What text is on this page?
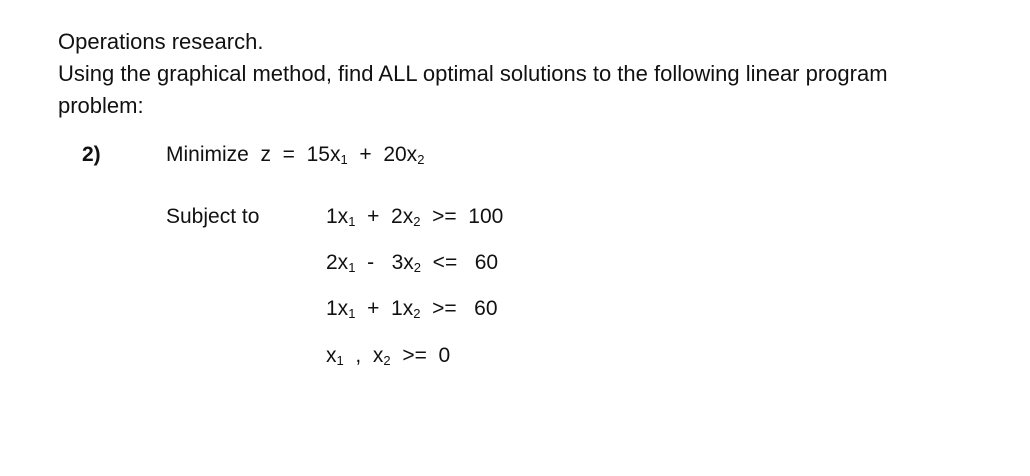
Operations research.
Using the graphical method, find ALL optimal solutions to the following linear program
problem:
2)	Minimize  $z = 15x_1 + 20x_2$
Subject to	$1x_1 + 2x_2 >= 100$
$2x_1 - 3x_2 <= 60$
$1x_1 + 1x_2 >= 60$
$x_1$  ,  $x_2 >= 0$
